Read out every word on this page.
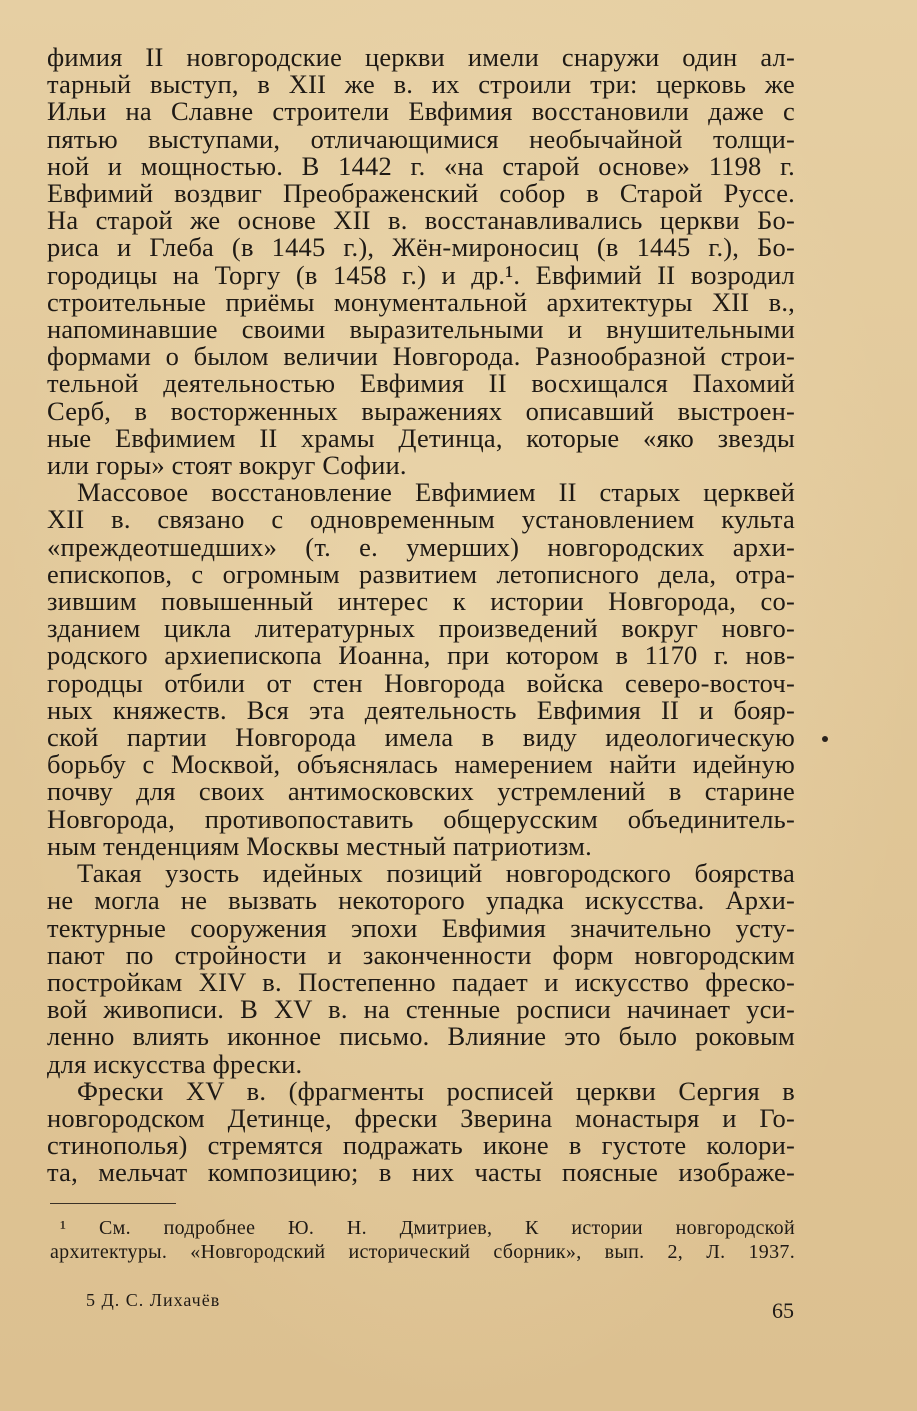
фимия II новгородские церкви имели снаружи один ал-
тарный выступ, в XII же в. их строили три: церковь же
Ильи на Славне строители Евфимия восстановили даже с
пятью выступами, отличающимися необычайной толщи-
ной и мощностью. В 1442 г. «на старой основе» 1198 г.
Евфимий воздвиг Преображенский собор в Старой Руссе.
На старой же основе XII в. восстанавливались церкви Бо-
риса и Глеба (в 1445 г.), Жён-мироносиц (в 1445 г.), Бо-
городицы на Торгу (в 1458 г.) и др.¹. Евфимий II возродил
строительные приёмы монументальной архитектуры XII в.,
напоминавшие своими выразительными и внушительными
формами о былом величии Новгорода. Разнообразной строи-
тельной деятельностью Евфимия II восхищался Пахомий
Серб, в восторженных выражениях описавший выстроен-
ные Евфимием II храмы Детинца, которые «яко звезды
или горы» стоят вокруг Софии.

Массовое восстановление Евфимием II старых церквей
XII в. связано с одновременным установлением культа
«преждеотшедших» (т. е. умерших) новгородских архи-
епископов, с огромным развитием летописного дела, отра-
зившим повышенный интерес к истории Новгорода, со-
зданием цикла литературных произведений вокруг новго-
родского архиепископа Иоанна, при котором в 1170 г. нов-
городцы отбили от стен Новгорода войска северо-восточ-
ных княжеств. Вся эта деятельность Евфимия II и бояр-
ской партии Новгорода имела в виду идеологическую
борьбу с Москвой, объяснялась намерением найти идейную
почву для своих антимосковских устремлений в старине
Новгорода, противопоставить общерусским объединитель-
ным тенденциям Москвы местный патриотизм.

Такая узость идейных позиций новгородского боярства
не могла не вызвать некоторого упадка искусства. Архи-
тектурные сооружения эпохи Евфимия значительно усту-
пают по стройности и законченности форм новгородским
постройкам XIV в. Постепенно падает и искусство фреско-
вой живописи. В XV в. на стенные росписи начинает уси-
ленно влиять иконное письмо. Влияние это было роковым
для искусства фрески.

Фрески XV в. (фрагменты росписей церкви Сергия в
новгородском Детинце, фрески Зверина монастыря и Го-
стинополья) стремятся подражать иконе в густоте колори-
та, мельчат композицию; в них часты поясные изображе-

¹ См. подробнее Ю. Н. Дмитриев, К истории новгородской
архитектуры. «Новгородский исторический сборник», вып. 2, Л. 1937.
5 Д. С. Лихачёв	65
